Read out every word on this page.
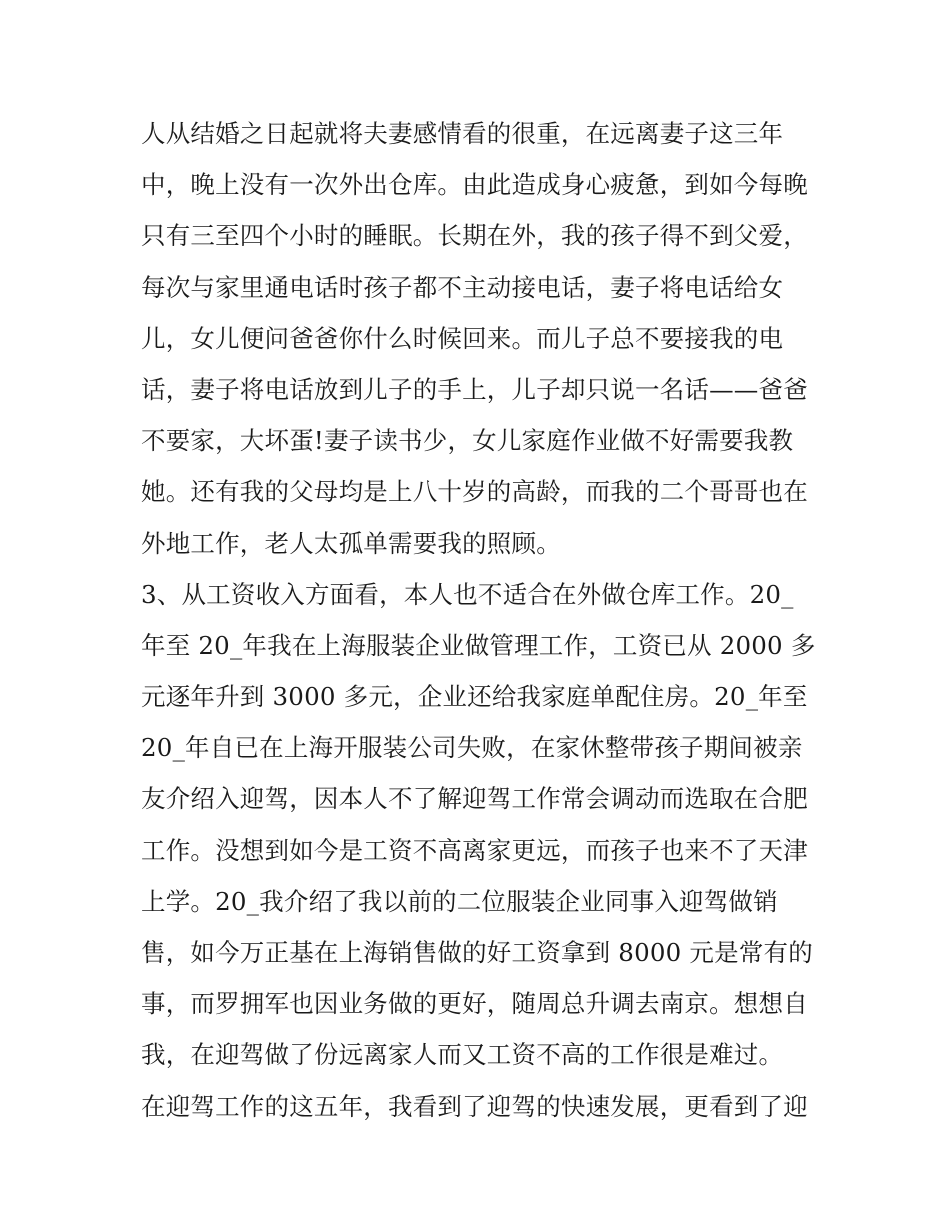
人从结婚之日起就将夫妻感情看的很重，在远离妻子这三年
中，晚上没有一次外出仓库。由此造成身心疲惫，到如今每晚
只有三至四个小时的睡眠。长期在外，我的孩子得不到父爱，
每次与家里通电话时孩子都不主动接电话，妻子将电话给女
儿，女儿便问爸爸你什么时候回来。而儿子总不要接我的电
话，妻子将电话放到儿子的手上，儿子却只说一名话——爸爸
不要家，大坏蛋!妻子读书少，女儿家庭作业做不好需要我教
她。还有我的父母均是上八十岁的高龄，而我的二个哥哥也在
外地工作，老人太孤单需要我的照顾。
3、从工资收入方面看，本人也不适合在外做仓库工作。20_
年至 20_年我在上海服装企业做管理工作，工资已从 2000 多
元逐年升到 3000 多元，企业还给我家庭单配住房。20_年至
20_年自已在上海开服装公司失败，在家休整带孩子期间被亲
友介绍入迎驾，因本人不了解迎驾工作常会调动而选取在合肥
工作。没想到如今是工资不高离家更远，而孩子也来不了天津
上学。20_我介绍了我以前的二位服装企业同事入迎驾做销
售，如今万正基在上海销售做的好工资拿到 8000 元是常有的
事，而罗拥军也因业务做的更好，随周总升调去南京。想想自
我，在迎驾做了份远离家人而又工资不高的工作很是难过。
在迎驾工作的这五年，我看到了迎驾的快速发展，更看到了迎
